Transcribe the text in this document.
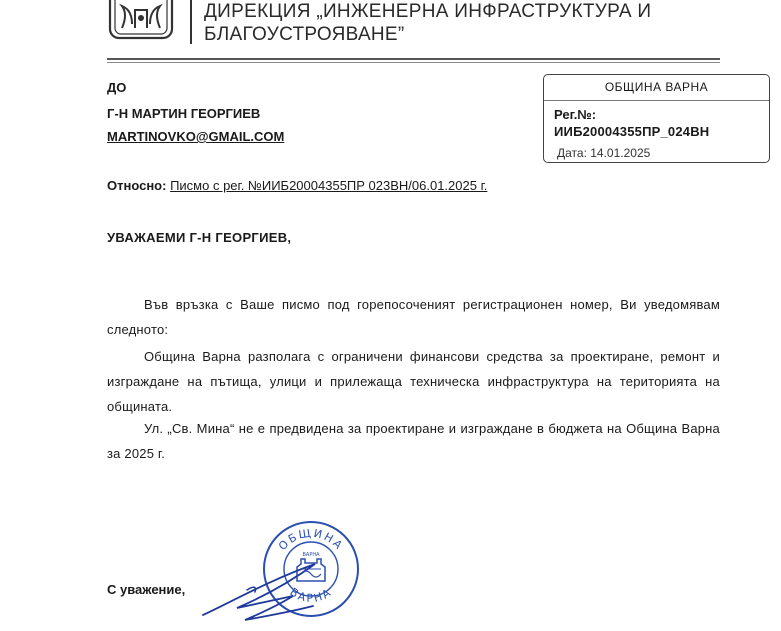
ДИРЕКЦИЯ „ИНЖЕНЕРНА ИНФРАСТРУКТУРА И
БЛАГОУСТРОЯВАНЕ”
ДО
Г-Н МАРТИН ГЕОРГИЕВ
MARTINOVKO@GMAIL.COM
ОБЩИНА ВАРНА
Рег.№:
ИИБ20004355ПР_024ВН
Дата: 14.01.2025
Относно: Писмо с рег. №ИИБ20004355ПР 023ВН/06.01.2025 г.
УВАЖАЕМИ Г-Н ГЕОРГИЕВ,
Във връзка с Ваше писмо под горепосоченият регистрационен номер, Ви уведомявам следното:
Община Варна разполага с ограничени финансови средства за проектиране, ремонт и изграждане на пътища, улици и прилежаща техническа инфраструктура на територията на общината.
Ул. „Св. Мина“ не е предвидена за проектиране и изграждане в бюджета на Община Варна за 2025 г.
ОБЩИНА
ВАРНА
ВАРНА
С уважение,
